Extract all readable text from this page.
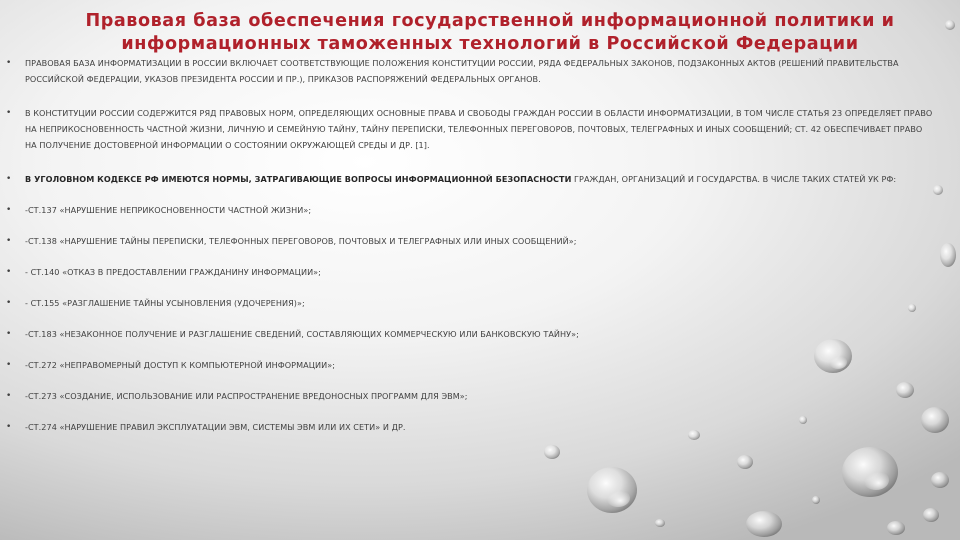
Правовая база обеспечения государственной информационной политики и информационных таможенных технологий в Российской Федерации
• ПРАВОВАЯ БАЗА ИНФОРМАТИЗАЦИИ В РОССИИ ВКЛЮЧАЕТ СООТВЕТСТВУЮЩИЕ ПОЛОЖЕНИЯ КОНСТИТУЦИИ РОССИИ, РЯДА ФЕДЕРАЛЬНЫХ ЗАКОНОВ, ПОДЗАКОННЫХ АКТОВ (РЕШЕНИЙ ПРАВИТЕЛЬСТВА РОССИЙСКОЙ ФЕДЕРАЦИИ, УКАЗОВ ПРЕЗИДЕНТА РОССИИ И ПР.), ПРИКАЗОВ РАСПОРЯЖЕНИЙ ФЕДЕРАЛЬНЫХ ОРГАНОВ.
• В КОНСТИТУЦИИ РОССИИ СОДЕРЖИТСЯ РЯД ПРАВОВЫХ НОРМ, ОПРЕДЕЛЯЮЩИХ ОСНОВНЫЕ ПРАВА И СВОБОДЫ ГРАЖДАН РОССИИ В ОБЛАСТИ ИНФОРМАТИЗАЦИИ, В ТОМ ЧИСЛЕ СТАТЬЯ 23 ОПРЕДЕЛЯЕТ ПРАВО НА НЕПРИКОСНОВЕННОСТЬ ЧАСТНОЙ ЖИЗНИ, ЛИЧНУЮ И СЕМЕЙНУЮ ТАЙНУ, ТАЙНУ ПЕРЕПИСКИ, ТЕЛЕФОННЫХ ПЕРЕГОВОРОВ, ПОЧТОВЫХ, ТЕЛЕГРАФНЫХ И ИНЫХ СООБЩЕНИЙ; СТ. 42 ОБЕСПЕЧИВАЕТ ПРАВО НА ПОЛУЧЕНИЕ ДОСТОВЕРНОЙ ИНФОРМАЦИИ О СОСТОЯНИИ ОКРУЖАЮЩЕЙ СРЕДЫ И ДР. [1].
• В УГОЛОВНОМ КОДЕКСЕ РФ ИМЕЮТСЯ НОРМЫ, ЗАТРАГИВАЮЩИЕ ВОПРОСЫ ИНФОРМАЦИОННОЙ БЕЗОПАСНОСТИ ГРАЖДАН, ОРГАНИЗАЦИЙ И ГОСУДАРСТВА. В ЧИСЛЕ ТАКИХ СТАТЕЙ УК РФ:
• -СТ.137 «НАРУШЕНИЕ НЕПРИКОСНОВЕННОСТИ ЧАСТНОЙ ЖИЗНИ»;
• -СТ.138 «НАРУШЕНИЕ ТАЙНЫ ПЕРЕПИСКИ, ТЕЛЕФОННЫХ ПЕРЕГОВОРОВ, ПОЧТОВЫХ И ТЕЛЕГРАФНЫХ ИЛИ ИНЫХ СООБЩЕНИЙ»;
• - СТ.140 «ОТКАЗ В ПРЕДОСТАВЛЕНИИ ГРАЖДАНИНУ ИНФОРМАЦИИ»;
• - СТ.155 «РАЗГЛАШЕНИЕ ТАЙНЫ УСЫНОВЛЕНИЯ (УДОЧЕРЕНИЯ)»;
• -СТ.183 «НЕЗАКОННОЕ ПОЛУЧЕНИЕ И РАЗГЛАШЕНИЕ СВЕДЕНИЙ, СОСТАВЛЯЮЩИХ КОММЕРЧЕСКУЮ ИЛИ БАНКОВСКУЮ ТАЙНУ»;
• -СТ.272 «НЕПРАВОМЕРНЫЙ ДОСТУП К КОМПЬЮТЕРНОЙ ИНФОРМАЦИИ»;
• -СТ.273 «СОЗДАНИЕ, ИСПОЛЬЗОВАНИЕ ИЛИ РАСПРОСТРАНЕНИЕ ВРЕДОНОСНЫХ ПРОГРАММ ДЛЯ ЭВМ»;
• -СТ.274 «НАРУШЕНИЕ ПРАВИЛ ЭКСПЛУАТАЦИИ ЭВМ, СИСТЕМЫ ЭВМ ИЛИ ИХ СЕТИ» И ДР.
